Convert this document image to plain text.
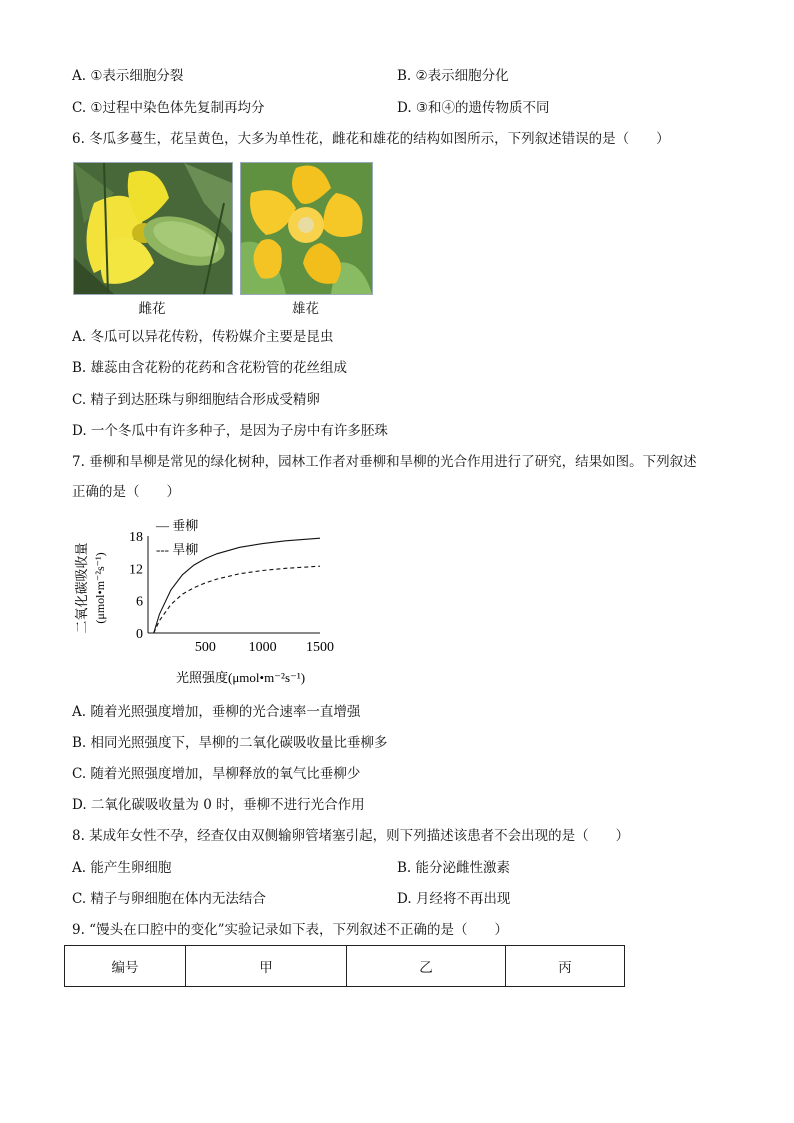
A. ①表示细胞分裂	B. ②表示细胞分化
C. ①过程中染色体先复制再均分	D. ③和④的遗传物质不同
6. 冬瓜多蔓生，花呈黄色，大多为单性花，雌花和雄花的结构如图所示，下列叙述错误的是（　　）
雌花	雄花
A. 冬瓜可以异花传粉，传粉媒介主要是昆虫
B. 雄蕊由含花粉的花药和含花粉管的花丝组成
C. 精子到达胚珠与卵细胞结合形成受精卵
D. 一个冬瓜中有许多种子，是因为子房中有许多胚珠
7. 垂柳和旱柳是常见的绿化树种，园林工作者对垂柳和旱柳的光合作用进行了研究，结果如图。下列叙述
正确的是（　　）
二氧化碳吸收量 (μmol•m⁻²s⁻¹)
0
6
12
18
500 1000 1500
— 垂柳
--- 旱柳
光照强度(μmol•m⁻²s⁻¹)
A. 随着光照强度增加，垂柳的光合速率一直增强
B. 相同光照强度下，旱柳的二氧化碳吸收量比垂柳多
C. 随着光照强度增加，旱柳释放的氧气比垂柳少
D. 二氧化碳吸收量为 0 时，垂柳不进行光合作用
8. 某成年女性不孕，经查仅由双侧输卵管堵塞引起，则下列描述该患者不会出现的是（　　）
A. 能产生卵细胞	B. 能分泌雌性激素
C. 精子与卵细胞在体内无法结合	D. 月经将不再出现
9. “馒头在口腔中的变化”实验记录如下表，下列叙述不正确的是（　　）
编号	甲	乙	丙
